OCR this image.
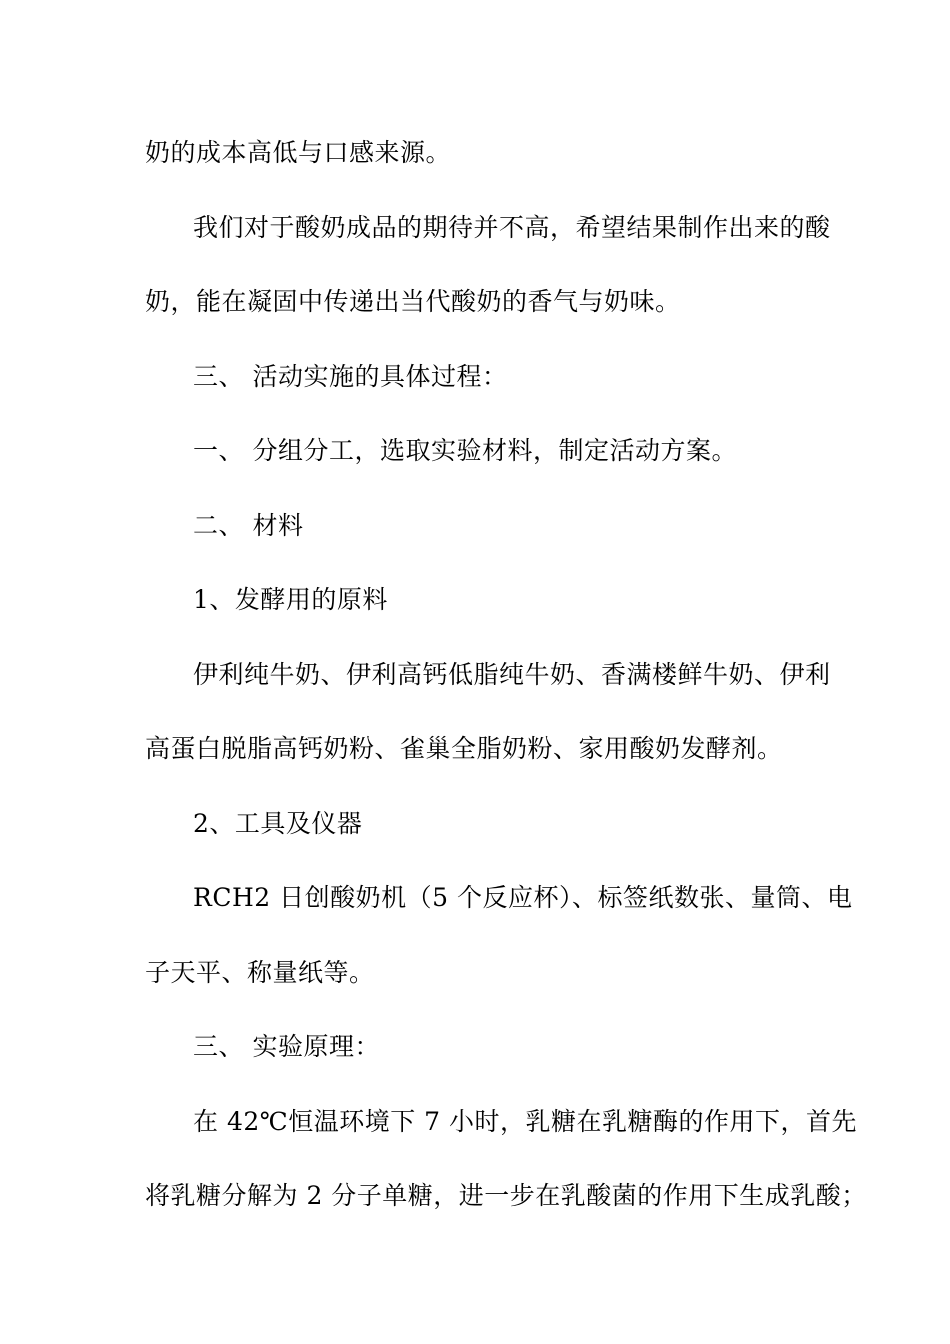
奶的成本高低与口感来源。
我们对于酸奶成品的期待并不高，希望结果制作出来的酸
奶，能在凝固中传递出当代酸奶的香气与奶味。
三、 活动实施的具体过程：
一、 分组分工，选取实验材料，制定活动方案。
二、 材料
1、发酵用的原料
伊利纯牛奶、伊利高钙低脂纯牛奶、香满楼鲜牛奶、伊利
高蛋白脱脂高钙奶粉、雀巢全脂奶粉、家用酸奶发酵剂。
2、工具及仪器
RCH2 日创酸奶机（5 个反应杯）、标签纸数张、量筒、电
子天平、称量纸等。
三、 实验原理：
在 42℃恒温环境下 7 小时，乳糖在乳糖酶的作用下，首先
将乳糖分解为 2 分子单糖，进一步在乳酸菌的作用下生成乳酸；
